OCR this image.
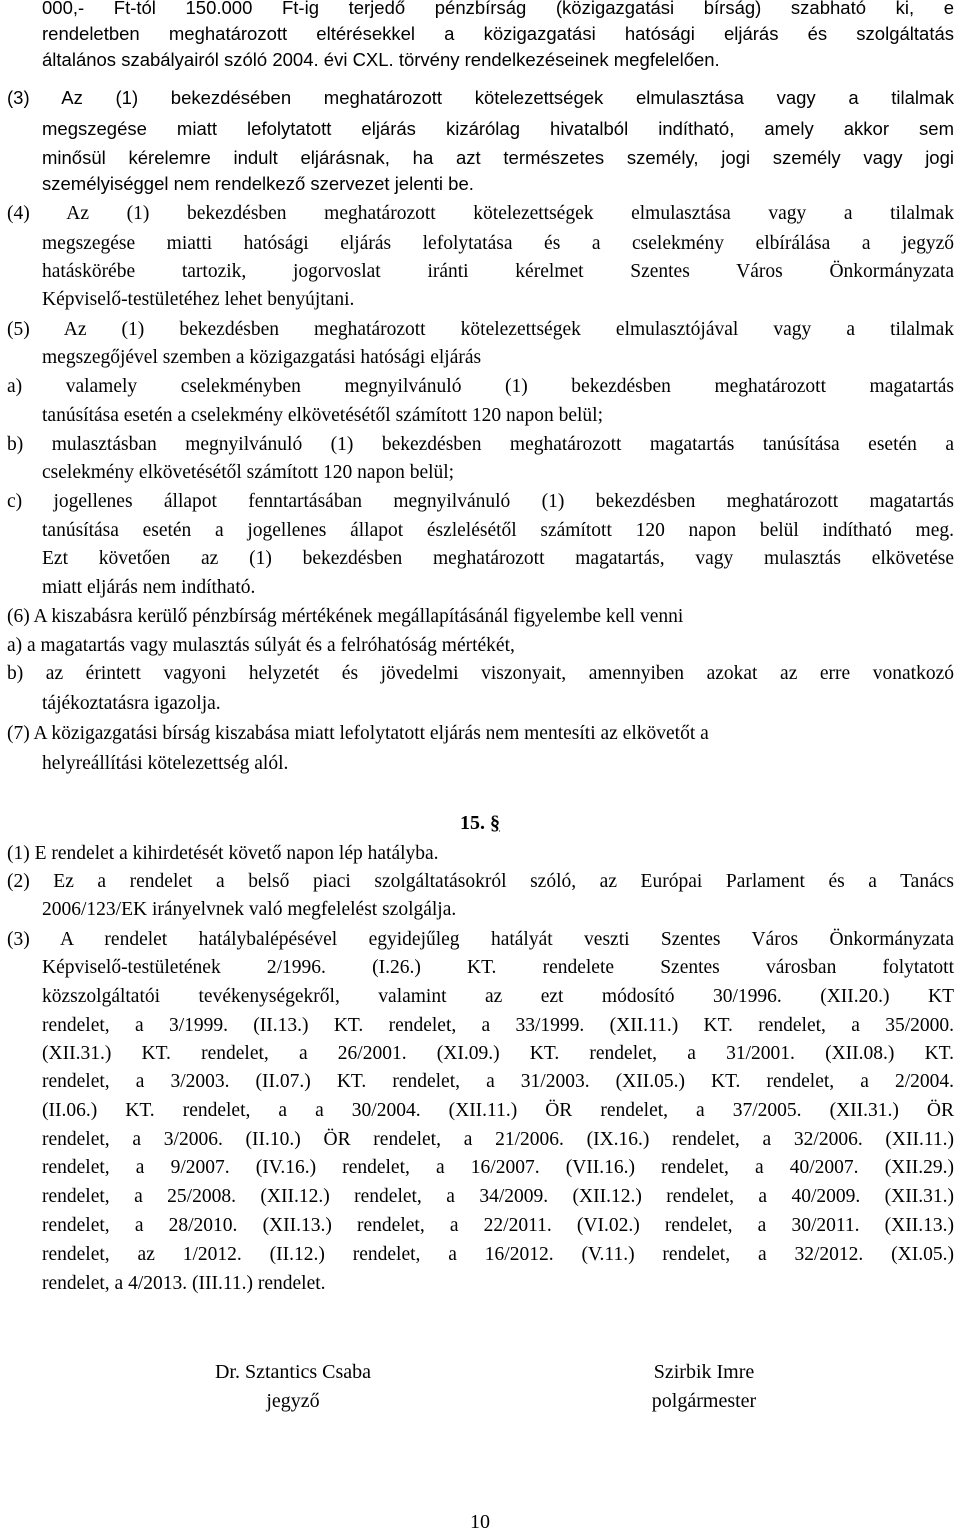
000,- Ft-tól 150.000 Ft-ig terjedő pénzbírság (közigazgatási bírság) szabható ki, e
rendeletben meghatározott eltérésekkel a közigazgatási hatósági eljárás és szolgáltatás
általános szabályairól szóló 2004. évi CXL. törvény rendelkezéseinek megfelelően.
(3) Az (1) bekezdésében meghatározott kötelezettségek elmulasztása vagy a tilalmak
megszegése miatt lefolytatott eljárás kizárólag hivatalból indítható, amely akkor sem
minősül kérelemre indult eljárásnak, ha azt természetes személy, jogi személy vagy jogi
személyiséggel nem rendelkező szervezet jelenti be.
(4) Az (1) bekezdésben meghatározott kötelezettségek elmulasztása vagy a tilalmak
megszegése miatti hatósági eljárás lefolytatása és a cselekmény elbírálása a jegyző
hatáskörébe tartozik, jogorvoslat iránti kérelmet Szentes Város Önkormányzata
Képviselő-testületéhez lehet benyújtani.
(5) Az (1) bekezdésben meghatározott kötelezettségek elmulasztójával vagy a tilalmak
megszegőjével szemben a közigazgatási hatósági eljárás
a) valamely cselekményben megnyilvánuló (1) bekezdésben meghatározott magatartás
tanúsítása esetén a cselekmény elkövetésétől számított 120 napon belül;
b) mulasztásban megnyilvánuló (1) bekezdésben meghatározott magatartás tanúsítása esetén a
cselekmény elkövetésétől számított 120 napon belül;
c) jogellenes állapot fenntartásában megnyilvánuló (1) bekezdésben meghatározott magatartás
tanúsítása esetén a jogellenes állapot észlelésétől számított 120 napon belül indítható meg.
Ezt követően az (1) bekezdésben meghatározott magatartás, vagy mulasztás elkövetése
miatt eljárás nem indítható.
(6) A kiszabásra kerülő pénzbírság mértékének megállapításánál figyelembe kell venni
a) a magatartás vagy mulasztás súlyát és a felróhatóság mértékét,
b) az érintett vagyoni helyzetét és jövedelmi viszonyait, amennyiben azokat az erre vonatkozó
tájékoztatásra igazolja.
(7) A közigazgatási bírság kiszabása miatt lefolytatott eljárás nem mentesíti az elkövetőt a
helyreállítási kötelezettség alól.
15. §
(1) E rendelet a kihirdetését követő napon lép hatályba.
(2) Ez a rendelet a belső piaci szolgáltatásokról szóló, az Európai Parlament és a Tanács
2006/123/EK irányelvnek való megfelelést szolgálja.
(3) A rendelet hatálybalépésével egyidejűleg hatályát veszti Szentes Város Önkormányzata
Képviselő-testületének 2/1996. (I.26.) KT. rendelete Szentes városban folytatott
közszolgáltatói tevékenységekről, valamint az ezt módosító 30/1996. (XII.20.) KT
rendelet, a 3/1999. (II.13.) KT. rendelet, a 33/1999. (XII.11.) KT. rendelet, a 35/2000.
(XII.31.) KT. rendelet, a 26/2001. (XI.09.) KT. rendelet, a 31/2001. (XII.08.) KT.
rendelet, a 3/2003. (II.07.) KT. rendelet, a 31/2003. (XII.05.) KT. rendelet, a 2/2004.
(II.06.) KT. rendelet, a a 30/2004. (XII.11.) ÖR rendelet, a 37/2005. (XII.31.) ÖR
rendelet, a 3/2006. (II.10.) ÖR rendelet, a 21/2006. (IX.16.) rendelet, a 32/2006. (XII.11.)
rendelet, a 9/2007. (IV.16.) rendelet, a 16/2007. (VII.16.) rendelet, a 40/2007. (XII.29.)
rendelet, a 25/2008. (XII.12.) rendelet, a 34/2009. (XII.12.) rendelet, a 40/2009. (XII.31.)
rendelet, a 28/2010. (XII.13.) rendelet, a 22/2011. (VI.02.) rendelet, a 30/2011. (XII.13.)
rendelet, az 1/2012. (II.12.) rendelet, a 16/2012. (V.11.) rendelet, a 32/2012. (XI.05.)
rendelet, a 4/2013. (III.11.) rendelet.
Dr. Sztantics Csaba
jegyző
Szirbik Imre
polgármester
10
